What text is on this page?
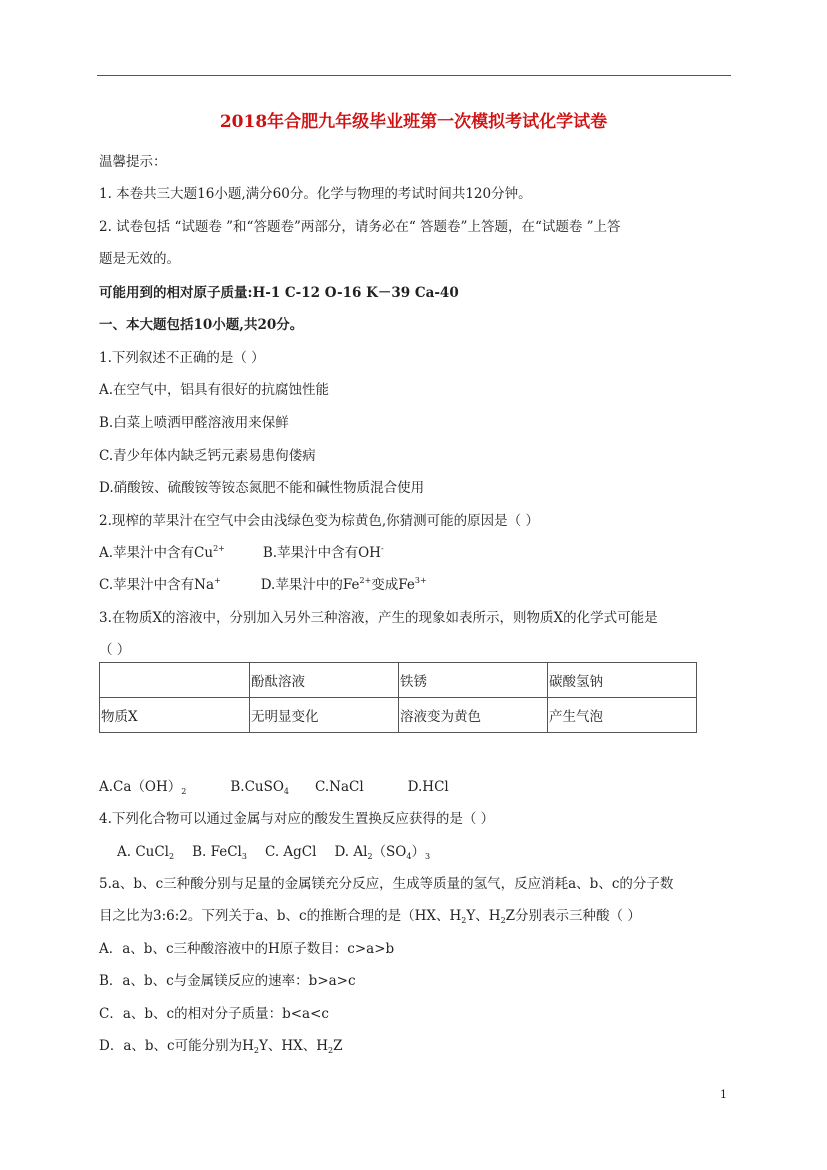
2018年合肥九年级毕业班第一次模拟考试化学试卷
温馨提示：
1. 本卷共三大题16小题,满分60分。化学与物理的考试时间共120分钟。
2. 试卷包括 “试题卷 ”和“答题卷”两部分，请务必在“ 答题卷”上答题，在“试题卷 ”上答
题是无效的。
可能用到的相对原子质量:H-1 C-12 O-16 K－39 Ca-40
一、本大题包括10小题,共20分。
1.下列叙述不正确的是（ ）
A.在空气中，铝具有很好的抗腐蚀性能
B.白菜上喷洒甲醛溶液用来保鲜
C.青少年体内缺乏钙元素易患佝偻病
D.硝酸铵、硫酸铵等铵态氮肥不能和碱性物质混合使用
2.现榨的苹果汁在空气中会由浅绿色变为棕黄色,你猜测可能的原因是（ ）
A.苹果汁中含有$Cu^{2+}$	B.苹果汁中含有OH-
C.苹果汁中含有Na+	D.苹果汁中的$Fe^{2+}$变成$Fe^{3+}$
3.在物质X的溶液中，分别加入另外三种溶液，产生的现象如表所示，则物质X的化学式可能是
（ ）
	酚酞溶液	铁锈	碳酸氢钠
物质X	无明显变化	溶液变为黄色	产生气泡
$A.Ca(OH)_2$	B.CuSO$_4$ C.NaCl	D.HCl
4.下列化合物可以通过金属与对应的酸发生置换反应获得的是（ ）
A. CuCl$_2$ B. FeCl$_3$ C. AgCl D. $Al_2(SO_4)_3$
5.a、b、c三种酸分别与足量的金属镁充分反应，生成等质量的氢气，反应消耗a、b、c的分子数
目之比为3:6:2。下列关于a、b、c的推断合理的是（HX、$H_2Y$、$H_2Z$分别表示三种酸（ ）
A．a、b、c三种酸溶液中的H原子数目：c>a>b
B．a、b、c与金属镁反应的速率：b>a>c
C．a、b、c的相对分子质量：b<a<c
D．a、b、c可能分别为$H_2Y$、HX、$H_2Z$
1
